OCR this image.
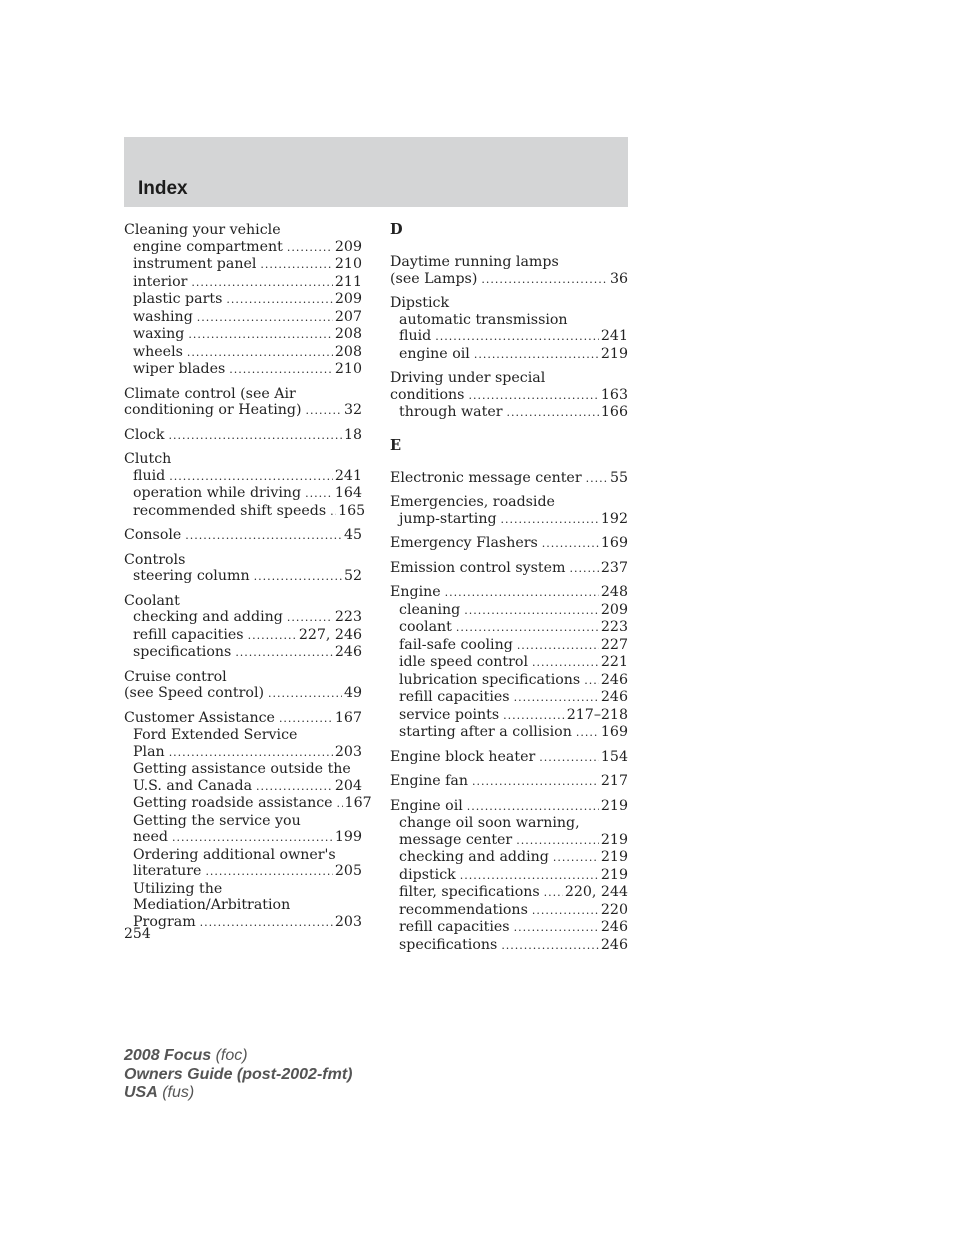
Index
Cleaning your vehicle
engine compartment .....	209
instrument panel .....	210
interior .....	211
plastic parts .....	209
washing .....	207
waxing .....	208
wheels .....	208
wiper blades .....	210
Climate control (see Air
conditioning or Heating) .....	32
Clock .....	18
Clutch
fluid .....	241
operation while driving ..... 164
recommended shift speeds ..... 165
Console .....	45
Controls
steering column .....	52
Coolant
checking and adding .....	223
refill capacities .....	227, 246
specifications .....	246
Cruise control
(see Speed control) .....	49
Customer Assistance .....	167
Ford Extended Service
Plan .....	203
Getting assistance outside the
U.S. and Canada .....	204
Getting roadside assistance ..... 167
Getting the service you
need .....	199
Ordering additional owner's
literature .....	205
Utilizing the
Mediation/Arbitration
Program .....	203
D
Daytime running lamps
(see Lamps) .....	36
Dipstick
automatic transmission
fluid .....	241
engine oil .....	219
Driving under special
conditions .....	163
through water .....	166
E
Electronic message center ..... 55
Emergencies, roadside
jump-starting .....	192
Emergency Flashers .....	169
Emission control system ..... 237
Engine .....	248
cleaning .....	209
coolant .....	223
fail-safe cooling .....	227
idle speed control .....	221
lubrication specifications ..... 246
refill capacities .....	246
service points .....	217–218
starting after a collision ..... 169
Engine block heater .....	154
Engine fan .....	217
Engine oil .....	219
change oil soon warning,
message center .....	219
checking and adding .....	219
dipstick .....	219
filter, specifications ..... 220, 244
recommendations .....	220
refill capacities .....	246
specifications .....	246
254
2008 Focus (foc)
Owners Guide (post-2002-fmt)
USA (fus)
